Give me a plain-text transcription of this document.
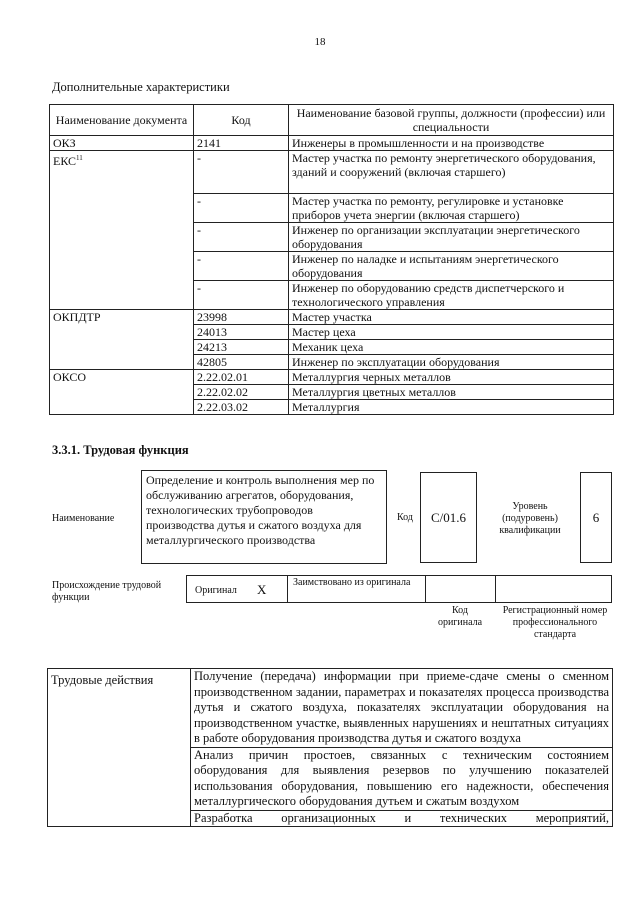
18
Дополнительные характеристики
Наименование документа	Код	Наименование базовой группы, должности (профессии) или специальности
ОКЗ	2141	Инженеры в промышленности и на производстве
ЕКС$^{11}$	-	Мастер участка по ремонту энергетического оборудования, зданий и сооружений (включая старшего)
	-	Мастер участка по ремонту, регулировке и установке приборов учета энергии (включая старшего)
	-	Инженер по организации эксплуатации энергетического оборудования
	-	Инженер по наладке и испытаниям энергетического оборудования
	-	Инженер по оборудованию средств диспетчерского и технологического управления
ОКПДТР	23998	Мастер участка
	24013	Мастер цеха
	24213	Механик цеха
	42805	Инженер по эксплуатации оборудования
ОКСО	2.22.02.01	Металлургия черных металлов
	2.22.02.02	Металлургия цветных металлов
	2.22.03.02	Металлургия
3.3.1. Трудовая функция
Наименование
Определение и контроль выполнения мер по обслуживанию агрегатов, оборудования, технологических трубопроводов производства дутья и сжатого воздуха для металлургического производства
Код	С/01.6
Уровень (подуровень) квалификации
6
Происхождение трудовой функции
Оригинал X	Заимствовано из оригинала
Код оригинала
Регистрационный номер профессионального стандарта
Трудовые действия	Получение (передача) информации при приеме-сдаче смены о сменном производственном задании, параметрах и показателях процесса производства дутья и сжатого воздуха, показателях эксплуатации оборудования на производственном участке, выявленных нарушениях и нештатных ситуациях в работе оборудования производства дутья и сжатого воздуха
Анализ причин простоев, связанных с техническим состоянием оборудования для выявления резервов по улучшению показателей использования оборудования, повышению его надежности, обеспечения металлургического оборудования дутьем и сжатым воздухом
Разработка организационных и технических мероприятий,
